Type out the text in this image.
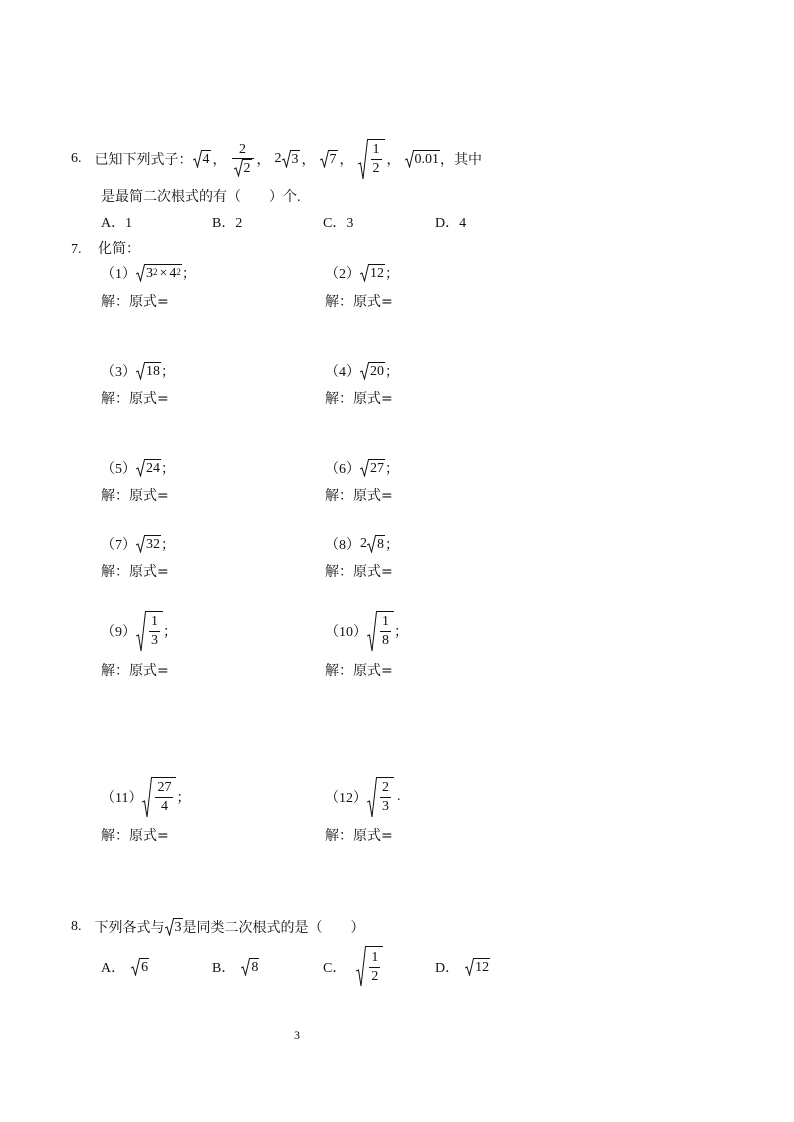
6. 已知下列式子： 4 ， $\frac{2}{2}$ ， 2 3 ， 7 ， $\frac{1}{2}$ ， 0.01 ，其中
是最简二次根式的有（　　）个.
A．1	B．2	C．3	D．4
7. 化简：
（1） $3^2 \times 4^2$ ；	（2） 12 ；
解：原式=	解：原式=
（3） 18 ；	（4） 20 ；
解：原式=	解：原式=
（5） 24 ；	（6） 27 ；
解：原式=	解：原式=
（7） 32 ；	（8） 2 8 ；
解：原式=	解：原式=
$(9) \frac{1}{3}$ ；	$(10) \frac{1}{8}$ ；
解：原式=	解：原式=
$(11) \frac{27}{4}$ ；	$(12) \frac{2}{3}$ .
解：原式=	解：原式=
8. 下列各式与 3 是同类二次根式的是（　　）
A． 6	B． 8	C． $\frac{1}{2}$	D． 12
3
